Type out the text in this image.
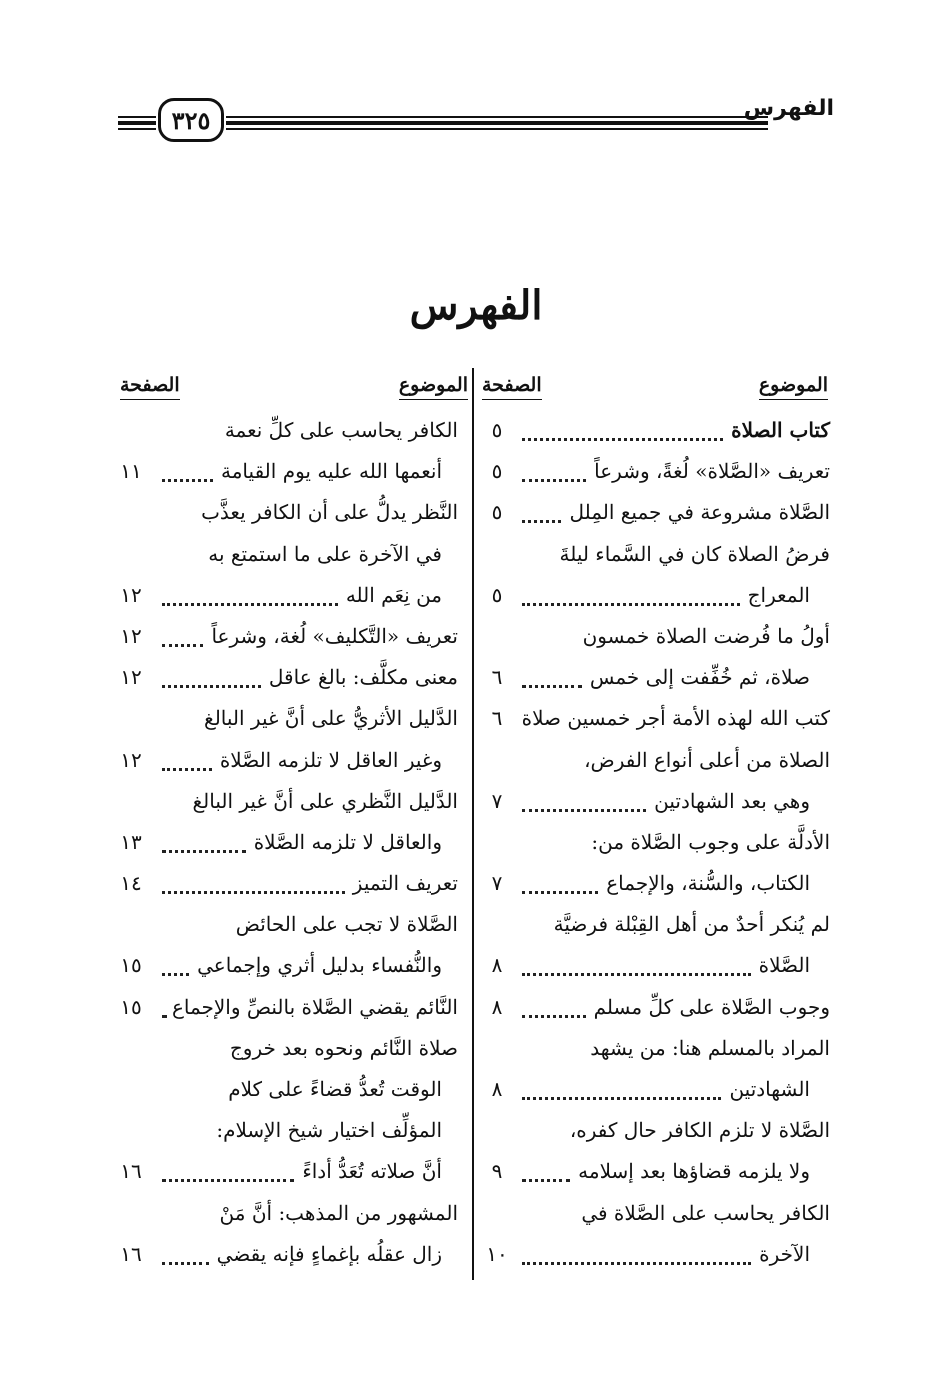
٣٢٥	الفهرس
الفهرس
الموضوع
الصفحة
كتاب الصلاة
٥
تعريف «الصَّلاة» لُغةً، وشرعاً
٥
الصَّلاة مشروعة في جميع المِلل
٥
فرضُ الصلاة كان في السَّماء ليلةَ
المعراج
٥
أولُ ما فُرضت الصلاة خمسون
صلاة، ثم خُفِّفت إلى خمس
٦
كتب الله لهذه الأمة أجر خمسين صلاة
٦
الصلاة من أعلى أنواع الفرض،
وهي بعد الشهادتين
٧
الأدلَّة على وجوب الصَّلاة من:
الكتاب، والسُّنة، والإجماع
٧
لم يُنكر أحدٌ من أهل القِبْلة فرضيَّة
الصَّلاة
٨
وجوب الصَّلاة على كلِّ مسلم
٨
المراد بالمسلم هنا: من يشهد
الشهادتين
٨
الصَّلاة لا تلزم الكافر حال كفره،
ولا يلزمه قضاؤها بعد إسلامه
٩
الكافر يحاسب على الصَّلاة في
الآخرة
١٠
الموضوع
الصفحة
الكافر يحاسب على كلِّ نعمة
أنعمها الله عليه يوم القيامة
١١
النَّظر يدلُّ على أن الكافر يعذَّب
في الآخرة على ما استمتع به
من نِعَم الله
١٢
تعريف «التَّكليف» لُغة، وشرعاً
١٢
معنى مكلَّف: بالغ عاقل
١٢
الدَّليل الأثريُّ على أنَّ غير البالغ
وغير العاقل لا تلزمه الصَّلاة
١٢
الدَّليل النَّظري على أنَّ غير البالغ
والعاقل لا تلزمه الصَّلاة
١٣
تعريف التميز
١٤
الصَّلاة لا تجب على الحائض
والنُّفساء بدليل أثري وإجماعي
١٥
النَّائم يقضي الصَّلاة بالنصِّ والإجماع
١٥
صلاة النَّائم ونحوه بعد خروج
الوقت تُعدُّ قضاءً على كلام
المؤلِّف اختيار شيخ الإسلام:
أنَّ صلاته تُعَدُّ أداءً
١٦
المشهور من المذهب: أنَّ مَنْ
زال عقلُه بإغماءٍ فإنه يقضي
١٦
